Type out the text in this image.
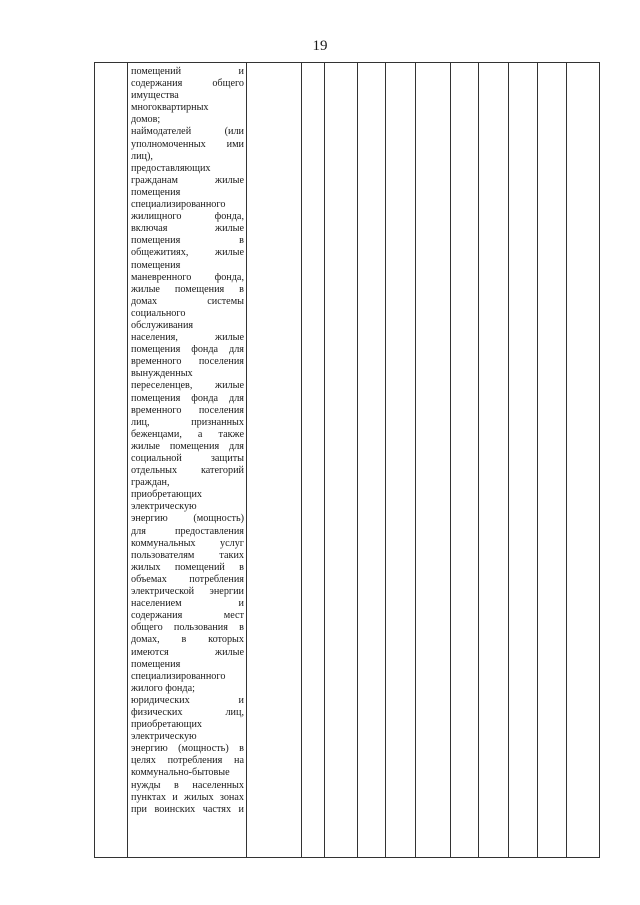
19
помещений и
содержания общего
имущества
многоквартирных
домов;
наймодателей (или
уполномоченных ими
лиц),
предоставляющих
гражданам жилые
помещения
специализированного
жилищного фонда,
включая жилые
помещения в
общежитиях, жилые
помещения
маневренного фонда,
жилые помещения в
домах системы
социального
обслуживания
населения, жилые
помещения фонда для
временного поселения
вынужденных
переселенцев, жилые
помещения фонда для
временного поселения
лиц, признанных
беженцами, а также
жилые помещения для
социальной защиты
отдельных категорий
граждан,
приобретающих
электрическую
энергию (мощность)
для предоставления
коммунальных услуг
пользователям таких
жилых помещений в
объемах потребления
электрической энергии
населением и
содержания мест
общего пользования в
домах, в которых
имеются жилые
помещения
специализированного
жилого фонда;
юридических и
физических лиц,
приобретающих
электрическую
энергию (мощность) в
целях потребления на
коммунально-бытовые
нужды в населенных
пунктах и жилых зонах
при воинских частях и
